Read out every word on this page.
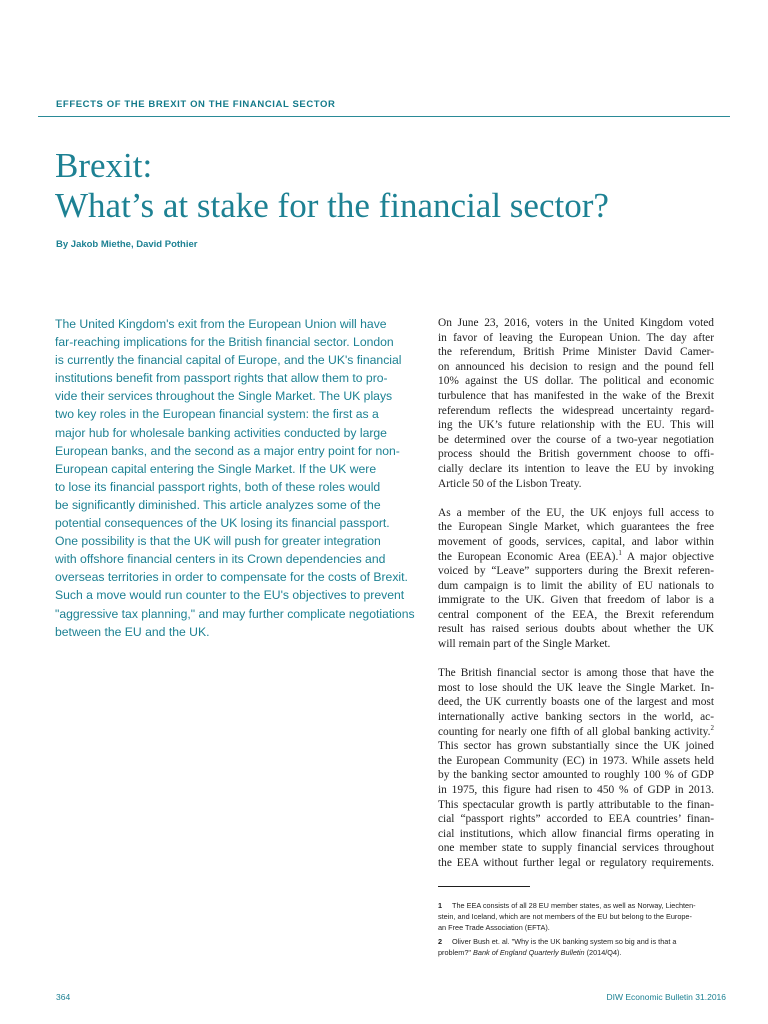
EFFECTS OF THE BREXIT ON THE FINANCIAL SECTOR
Brexit:
What’s at stake for the financial sector?
By Jakob Miethe, David Pothier
The United Kingdom's exit from the European Union will have
far-reaching implications for the British financial sector. London
is currently the financial capital of Europe, and the UK's financial
institutions benefit from passport rights that allow them to pro-
vide their services throughout the Single Market. The UK plays
two key roles in the European financial system: the first as a
major hub for wholesale banking activities conducted by large
European banks, and the second as a major entry point for non-
European capital entering the Single Market. If the UK were
to lose its financial passport rights, both of these roles would
be significantly diminished. This article analyzes some of the
potential consequences of the UK losing its financial passport.
One possibility is that the UK will push for greater integration
with offshore financial centers in its Crown dependencies and
overseas territories in order to compensate for the costs of Brexit.
Such a move would run counter to the EU's objectives to prevent
"aggressive tax planning," and may further complicate negotiations
between the EU and the UK.

On June 23, 2016, voters in the United Kingdom voted
in favor of leaving the European Union. The day after
the referendum, British Prime Minister David Camer-
on announced his decision to resign and the pound fell
10% against the US dollar. The political and economic
turbulence that has manifested in the wake of the Brexit
referendum reflects the widespread uncertainty regard-
ing the UK’s future relationship with the EU. This will
be determined over the course of a two-year negotiation
process should the British government choose to offi-
cially declare its intention to leave the EU by invoking
Article 50 of the Lisbon Treaty.

As a member of the EU, the UK enjoys full access to
the European Single Market, which guarantees the free
movement of goods, services, capital, and labor within
the European Economic Area (EEA).$^1$ A major objective
voiced by “Leave” supporters during the Brexit referen-
dum campaign is to limit the ability of EU nationals to
immigrate to the UK. Given that freedom of labor is a
central component of the EEA, the Brexit referendum
result has raised serious doubts about whether the UK
will remain part of the Single Market.

The British financial sector is among those that have the
most to lose should the UK leave the Single Market. In-
deed, the UK currently boasts one of the largest and most
internationally active banking sectors in the world, ac-
counting for nearly one fifth of all global banking activity.$^2$
This sector has grown substantially since the UK joined
the European Community (EC) in 1973. While assets held
by the banking sector amounted to roughly 100 % of GDP
in 1975, this figure had risen to 450 % of GDP in 2013.
This spectacular growth is partly attributable to the finan-
cial “passport rights” accorded to EEA countries’ finan-
cial institutions, which allow financial firms operating in
one member state to supply financial services throughout
the EEA without further legal or regulatory requirements.

1 The EEA consists of all 28 EU member states, as well as Norway, Liechten-
stein, and Iceland, which are not members of the EU but belong to the Europe-
an Free Trade Association (EFTA).
2 Oliver Bush et. al. "Why is the UK banking system so big and is that a
problem?" Bank of England Quarterly Bulletin (2014/Q4).
364	DIW Economic Bulletin 31.2016
